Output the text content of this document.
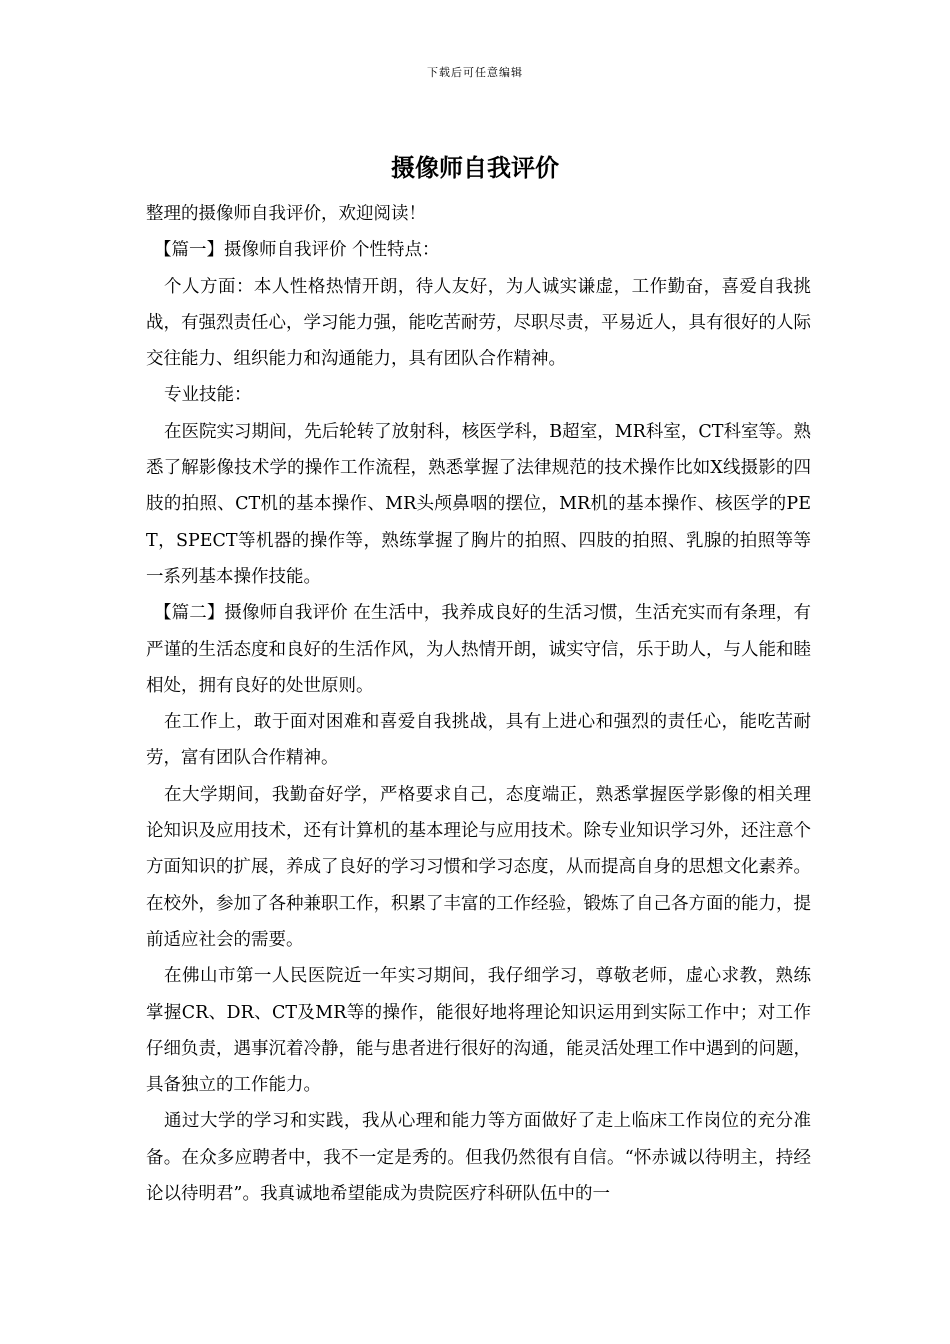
下载后可任意编辑
摄像师自我评价

整理的摄像师自我评价，欢迎阅读！

【篇一】摄像师自我评价 个性特点：

个人方面：本人性格热情开朗，待人友好，为人诚实谦虚，工作勤奋，喜爱自我挑战，有强烈责任心，学习能力强，能吃苦耐劳，尽职尽责，平易近人，具有很好的人际交往能力、组织能力和沟通能力，具有团队合作精神。

专业技能：

在医院实习期间，先后轮转了放射科，核医学科，B超室，MR科室，CT科室等。熟悉了解影像技术学的操作工作流程，熟悉掌握了法律规范的技术操作比如X线摄影的四肢的拍照、CT机的基本操作、MR头颅鼻咽的摆位，MR机的基本操作、核医学的PET，SPECT等机器的操作等，熟练掌握了胸片的拍照、四肢的拍照、乳腺的拍照等等一系列基本操作技能。

【篇二】摄像师自我评价 在生活中，我养成良好的生活习惯，生活充实而有条理，有严谨的生活态度和良好的生活作风，为人热情开朗，诚实守信，乐于助人，与人能和睦相处，拥有良好的处世原则。

在工作上，敢于面对困难和喜爱自我挑战，具有上进心和强烈的责任心，能吃苦耐劳，富有团队合作精神。

在大学期间，我勤奋好学，严格要求自己，态度端正，熟悉掌握医学影像的相关理论知识及应用技术，还有计算机的基本理论与应用技术。除专业知识学习外，还注意个方面知识的扩展，养成了良好的学习习惯和学习态度，从而提高自身的思想文化素养。在校外，参加了各种兼职工作，积累了丰富的工作经验，锻炼了自己各方面的能力，提前适应社会的需要。

在佛山市第一人民医院近一年实习期间，我仔细学习，尊敬老师，虚心求教，熟练掌握CR、DR、CT及MR等的操作，能很好地将理论知识运用到实际工作中；对工作仔细负责，遇事沉着冷静，能与患者进行很好的沟通，能灵活处理工作中遇到的问题，具备独立的工作能力。

通过大学的学习和实践，我从心理和能力等方面做好了走上临床工作岗位的充分准备。在众多应聘者中，我不一定是秀的。但我仍然很有自信。“怀赤诚以待明主，持经论以待明君”。我真诚地希望能成为贵院医疗科研队伍中的一
